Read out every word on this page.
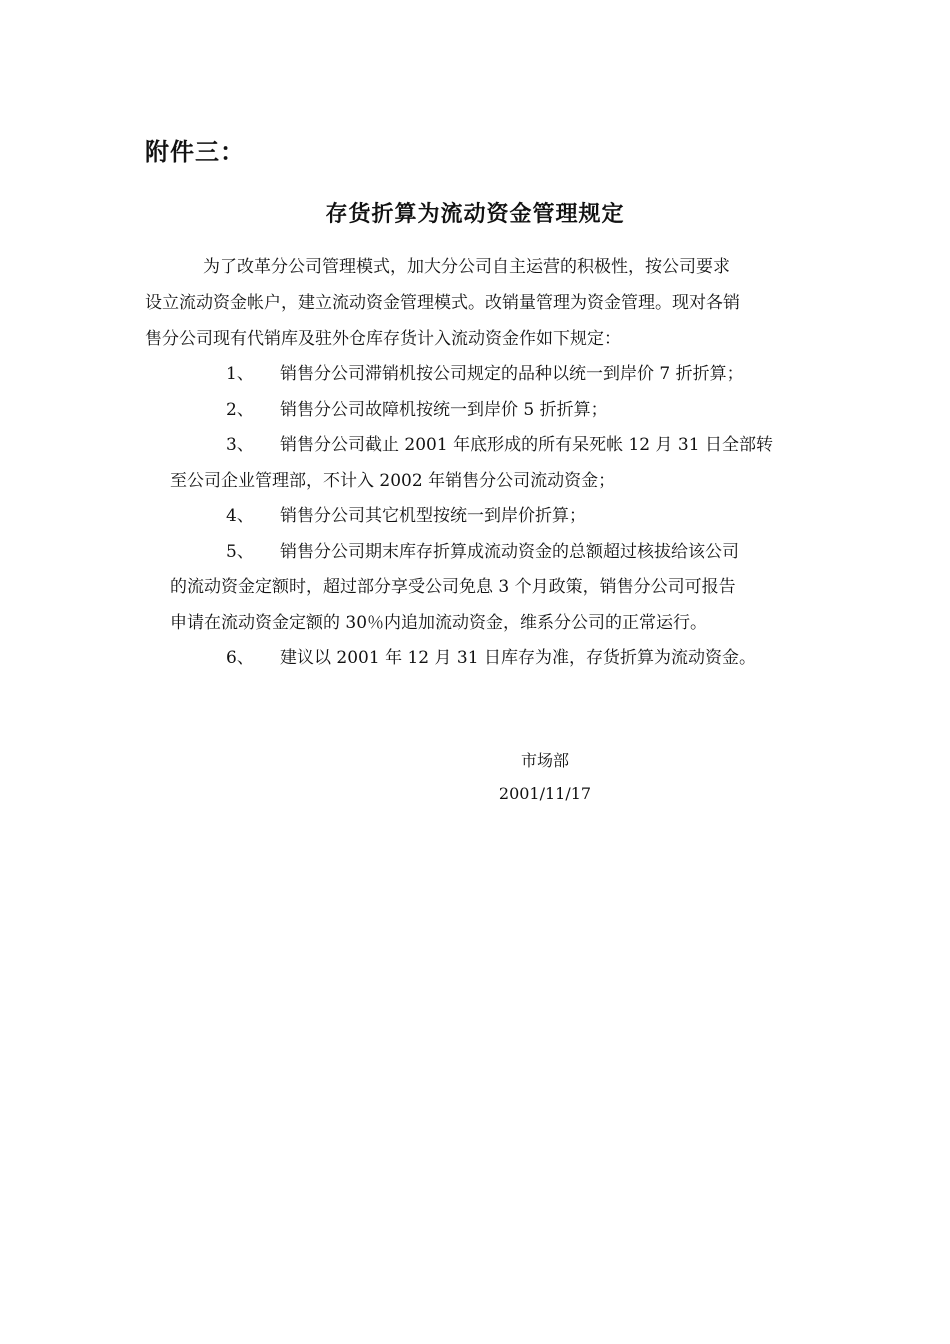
附件三：
存货折算为流动资金管理规定
为了改革分公司管理模式，加大分公司自主运营的积极性，按公司要求
设立流动资金帐户，建立流动资金管理模式。改销量管理为资金管理。现对各销
售分公司现有代销库及驻外仓库存货计入流动资金作如下规定：
1、 销售分公司滞销机按公司规定的品种以统一到岸价 7 折折算；
2、 销售分公司故障机按统一到岸价 5 折折算；
3、 销售分公司截止 2001 年底形成的所有呆死帐 12 月 31 日全部转
至公司企业管理部，不计入 2002 年销售分公司流动资金；
4、 销售分公司其它机型按统一到岸价折算；
5、 销售分公司期末库存折算成流动资金的总额超过核拔给该公司
的流动资金定额时，超过部分享受公司免息 3 个月政策，销售分公司可报告
申请在流动资金定额的 30％内追加流动资金，维系分公司的正常运行。
6、 建议以 2001 年 12 月 31 日库存为准，存货折算为流动资金。
市场部
2001/11/17
